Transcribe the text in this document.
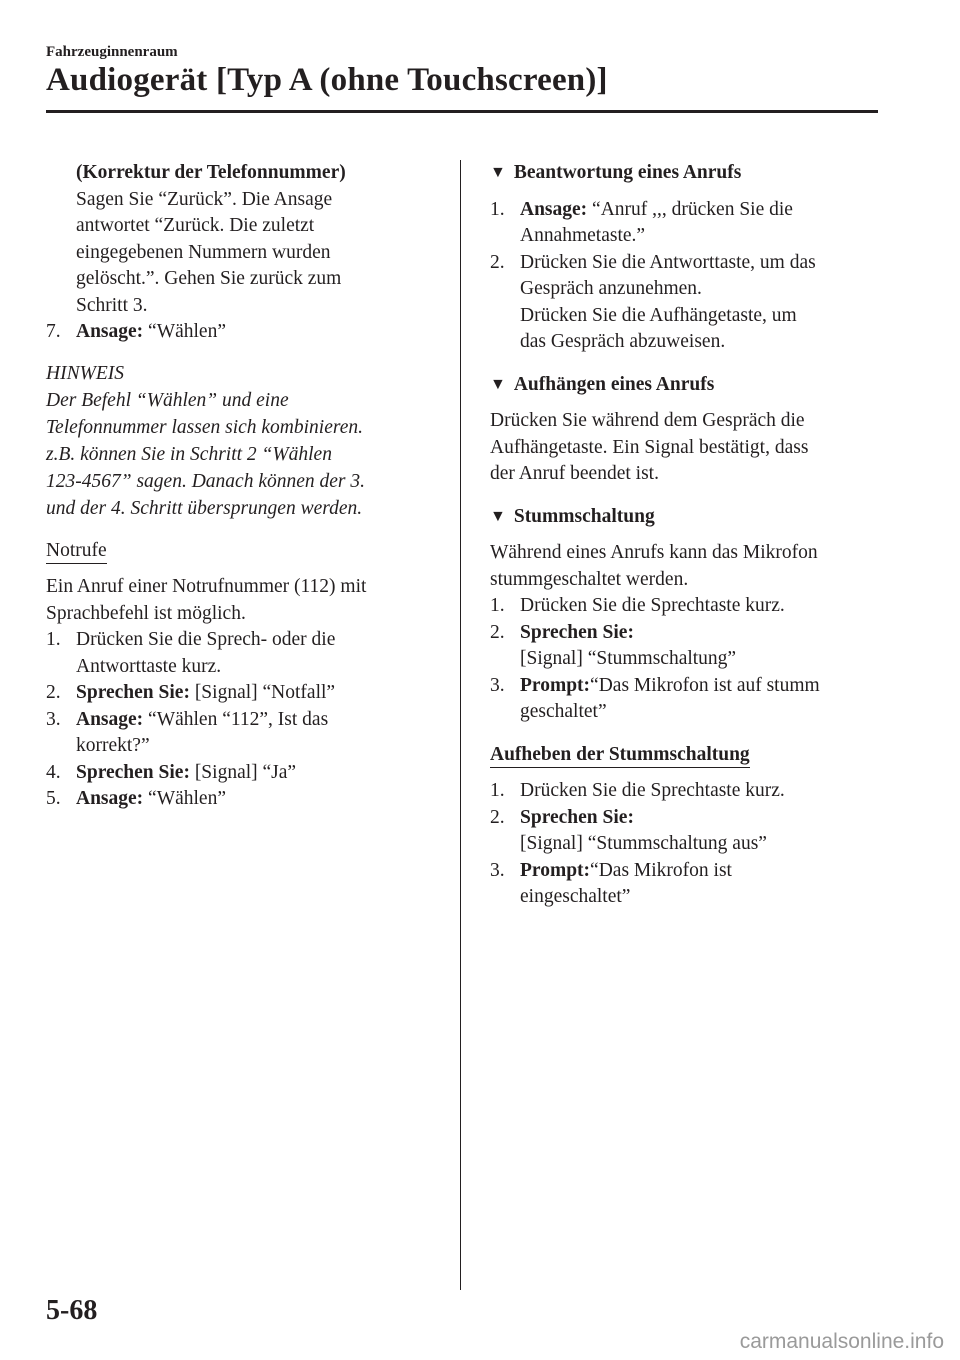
Fahrzeuginnenraum
Audiogerät [Typ A (ohne Touchscreen)]

(Korrektur der Telefonnummer)

Sagen Sie “Zurück”. Die Ansage

antwortet “Zurück. Die zuletzt

eingegebenen Nummern wurden

gelöscht.”. Gehen Sie zurück zum

Schritt 3.

7. Ansage: “Wählen”

HINWEIS

Der Befehl “Wählen” und eine

Telefonnummer lassen sich kombinieren.

z.B. können Sie in Schritt 2 “Wählen

123-4567” sagen. Danach können der 3.

und der 4. Schritt übersprungen werden.

Notrufe

Ein Anruf einer Notrufnummer (112) mit

Sprachbefehl ist möglich.

1. Drücken Sie die Sprech- oder die
Antworttaste kurz.
2. Sprechen Sie: [Signal] “Notfall”
3. Ansage: “Wählen “112”, Ist das
korrekt?”
4. Sprechen Sie: [Signal] “Ja”
5. Ansage: “Wählen”

▼ Beantwortung eines Anrufs

1. Ansage: “Anruf ,,, drücken Sie die
Annahmetaste.”
2. Drücken Sie die Antworttaste, um das
Gespräch anzunehmen.
Drücken Sie die Aufhängetaste, um
das Gespräch abzuweisen.

▼ Aufhängen eines Anrufs

Drücken Sie während dem Gespräch die

Aufhängetaste. Ein Signal bestätigt, dass

der Anruf beendet ist.

▼ Stummschaltung

Während eines Anrufs kann das Mikrofon

stummgeschaltet werden.

1. Drücken Sie die Sprechtaste kurz.
2. Sprechen Sie:
[Signal] “Stummschaltung”
3. Prompt:“Das Mikrofon ist auf stumm
geschaltet”

Aufheben der Stummschaltung

1. Drücken Sie die Sprechtaste kurz.
2. Sprechen Sie:
[Signal] “Stummschaltung aus”
3. Prompt:“Das Mikrofon ist
eingeschaltet”
5-68
carmanualsonline.info
